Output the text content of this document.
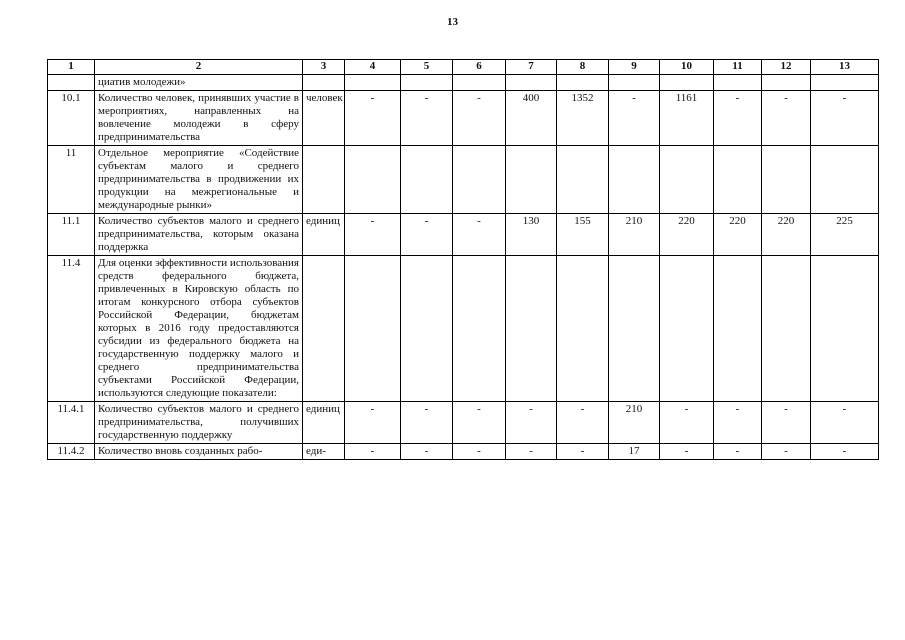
13
1	2	3	4	5	6	7	8	9	10	11	12	13
	циатив молодежи»											
10.1	Количество человек, принявших участие в мероприятиях, направленных на вовлечение молодежи в сферу предпринимательства	человек	-	-	-	400	1352	-	1161	-	-	-
11	Отдельное мероприятие «Содействие субъектам малого и среднего предпринимательства в продвижении их продукции на межрегиональные и международные рынки»											
11.1	Количество субъектов малого и среднего предпринимательства, которым оказана поддержка	единиц	-	-	-	130	155	210	220	220	220	225
11.4	Для оценки эффективности использования средств федерального бюджета, привлеченных в Кировскую область по итогам конкурсного отбора субъектов Российской Федерации, бюджетам которых в 2016 году предоставляются субсидии из федерального бюджета на государственную поддержку малого и среднего предпринимательства субъектами Российской Федерации, используются следующие показатели:											
11.4.1	Количество субъектов малого и среднего предпринимательства, получивших государственную поддержку	единиц	-	-	-	-	-	210	-	-	-	-
11.4.2	Количество вновь созданных рабо-	еди-	-	-	-	-	-	17	-	-	-	-
